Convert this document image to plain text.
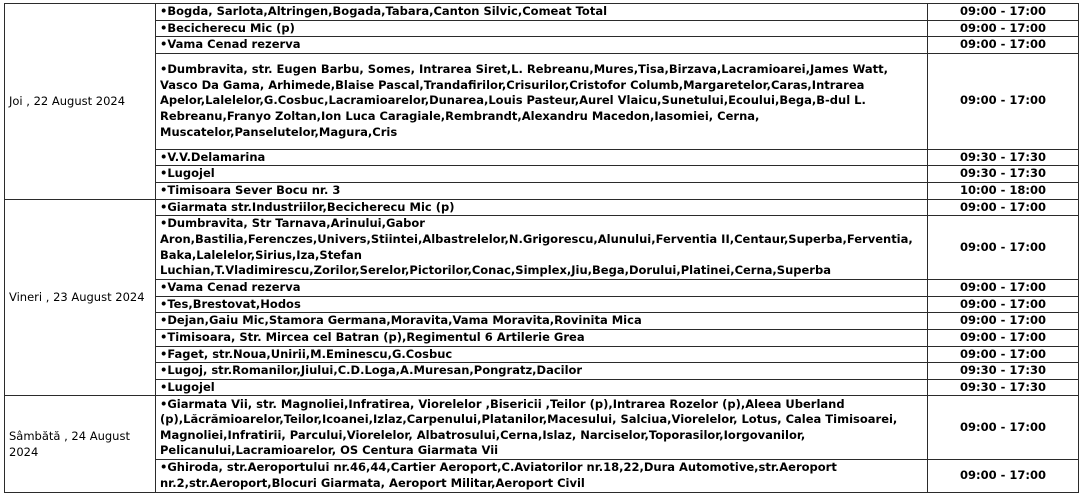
Joi , 22 August 2024	•Bogda, Sarlota,Altringen,Bogada,Tabara,Canton Silvic,Comeat Total	09:00 - 17:00
	•Becicherecu Mic (p)	09:00 - 17:00
	•Vama Cenad rezerva	09:00 - 17:00
	•Dumbravita, str. Eugen Barbu, Somes, Intrarea Siret,L. Rebreanu,Mures,Tisa,Birzava,Lacramioarei,James Watt, Vasco Da Gama, Arhimede,Blaise Pascal,Trandafirilor,Crisurilor,Cristofor Columb,Margaretelor,Caras,Intrarea Apelor,Lalelelor,G.Cosbuc,Lacramioarelor,Dunarea,Louis Pasteur,Aurel Vlaicu,Sunetului,Ecoului,Bega,B-dul L. Rebreanu,Franyo Zoltan,Ion Luca Caragiale,Rembrandt,Alexandru Macedon,Iasomiei, Cerna, Muscatelor,Panselutelor,Magura,Cris	09:00 - 17:00
	•V.V.Delamarina	09:30 - 17:30
	•Lugojel	09:30 - 17:30
	•Timisoara Sever Bocu nr. 3	10:00 - 18:00
Vineri , 23 August 2024	•Giarmata str.Industriilor,Becicherecu Mic (p)	09:00 - 17:00
	•Dumbravita, Str Tarnava,Arinului,Gabor Aron,Bastilia,Ferenczes,Univers,Stiintei,Albastrelelor,N.Grigorescu,Alunului,Ferventia II,Centaur,Superba,Ferventia, Baka,Lalelelor,Sirius,Iza,Stefan Luchian,T.Vladimirescu,Zorilor,Serelor,Pictorilor,Conac,Simplex,Jiu,Bega,Dorului,Platinei,Cerna,Superba	09:00 - 17:00
	•Vama Cenad rezerva	09:00 - 17:00
	•Tes,Brestovat,Hodos	09:00 - 17:00
	•Dejan,Gaiu Mic,Stamora Germana,Moravita,Vama Moravita,Rovinita Mica	09:00 - 17:00
	•Timisoara, Str. Mircea cel Batran (p),Regimentul 6 Artilerie Grea	09:00 - 17:00
	•Faget, str.Noua,Unirii,M.Eminescu,G.Cosbuc	09:00 - 17:00
	•Lugoj, str.Romanilor,Jiului,C.D.Loga,A.Muresan,Pongratz,Dacilor	09:30 - 17:30
	•Lugojel	09:30 - 17:30
Sâmbătă , 24 August 2024	•Giarmata Vii, str. Magnoliei,Infratirea, Viorelelor ,Bisericii ,Teilor (p),Intrarea Rozelor (p),Aleea Uberland (p),Lăcrămioarelor,Teilor,Icoanei,Izlaz,Carpenului,Platanilor,Macesului, Salciua,Viorelelor, Lotus, Calea Timisoarei, Magnoliei,Infratirii, Parcului,Viorelelor, Albatrosului,Cerna,Islaz, Narciselor,Toporasilor,Iorgovanilor, Pelicanului,Lacramioarelor, OS Centura Giarmata Vii	09:00 - 17:00
	•Ghiroda, str.Aeroportului nr.46,44,Cartier Aeroport,C.Aviatorilor nr.18,22,Dura Automotive,str.Aeroport nr.2,str.Aeroport,Blocuri Giarmata, Aeroport Militar,Aeroport Civil	09:00 - 17:00
